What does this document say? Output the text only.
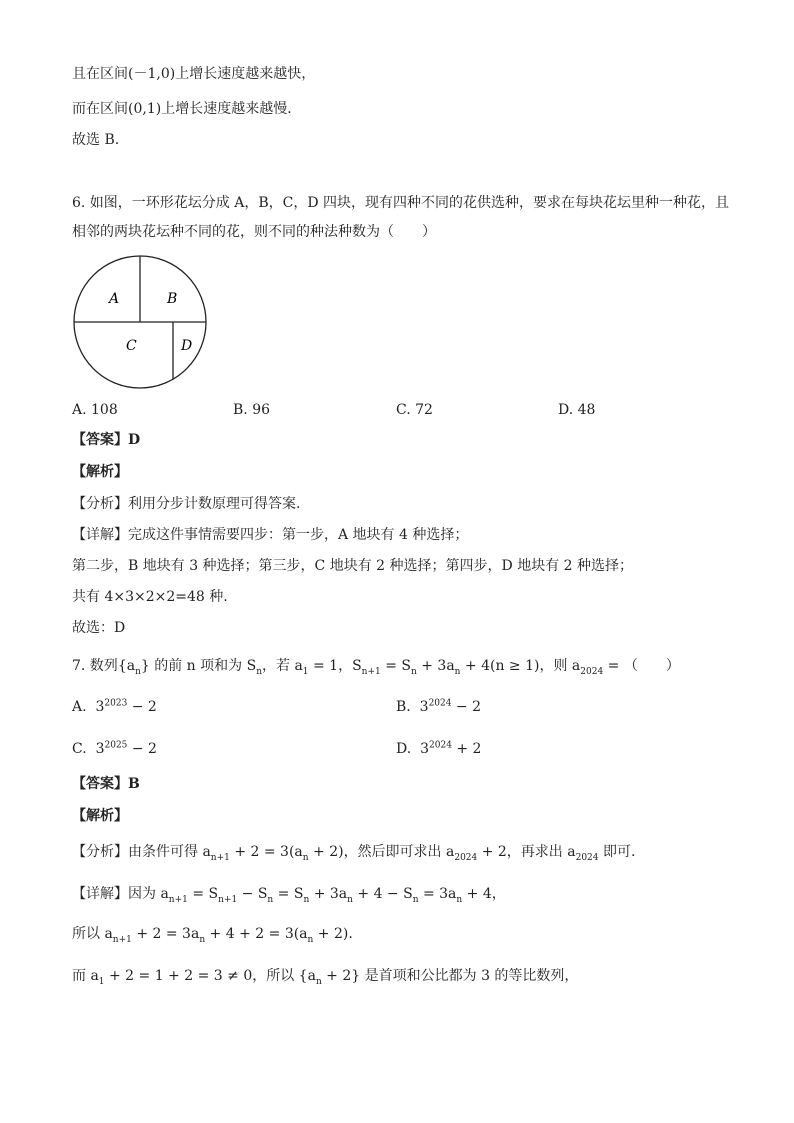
且在区间(－1,0)上增长速度越来越快，
而在区间(0,1)上增长速度越来越慢．
故选 B.
6. 如图，一环形花坛分成 A，B，C，D 四块，现有四种不同的花供选种，要求在每块花坛里种一种花，且
相邻的两块花坛种不同的花，则不同的种法种数为（　　）
A	B
C	D
A. 108	B. 96	C. 72	D. 48
【答案】D
【解析】
【分析】利用分步计数原理可得答案.
【详解】完成这件事情需要四步：第一步，A 地块有 4 种选择；
第二步，B 地块有 3 种选择；第三步，C 地块有 2 种选择；第四步，D 地块有 2 种选择；
共有 4×3×2×2=48 种.
故选：D
7. 数列$\{a_n\}$ 的前 n 项和为 $S_n$，若 $a_1 = 1$，$S_{n+1} = S_n + 3a_n + 4(n \ge 1)$，则 $a_{2024}$ = （　　）
A. $3^{2023} - 2$	B. $3^{2024} - 2$
C. $3^{2025} - 2$	D. $3^{2024} + 2$
【答案】B
【解析】
【分析】由条件可得 $a_{n+1} + 2 = 3(a_n + 2)$，然后即可求出 $a_{2024} + 2$，再求出 $a_{2024}$ 即可.
【详解】因为 $a_{n+1} = S_{n+1} - S_n = S_n + 3a_n + 4 - S_n = 3a_n + 4$，
所以 $a_{n+1} + 2 = 3a_n + 4 + 2 = 3(a_n + 2)$.
而 $a_1 + 2 = 1 + 2 = 3 \ne 0$，所以 $\{a_n + 2\}$ 是首项和公比都为 3 的等比数列，
